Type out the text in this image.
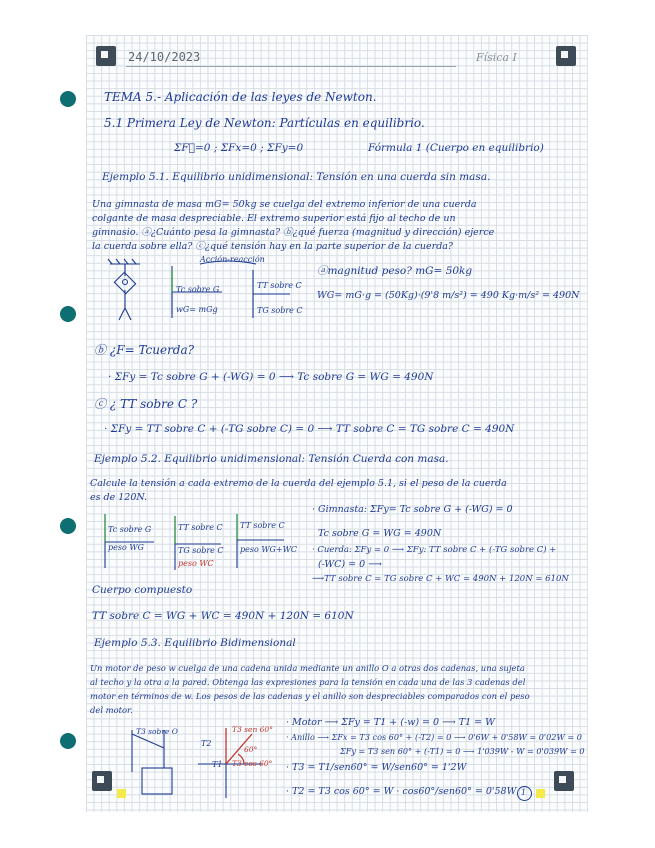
24/10/2023	Física I
TEMA 5.- Aplicación de las leyes de Newton.
5.1 Primera Ley de Newton: Partículas en equilibrio.
ΣF⃗=0 ; ΣFx=0 ; ΣFy=0	Fórmula 1 (Cuerpo en equilibrio)
Ejemplo 5.1. Equilibrio unidimensional: Tensión en una cuerda sin masa.
Una gimnasta de masa mG= 50kg se cuelga del extremo inferior de una cuerda
colgante de masa despreciable. El extremo superior está fijo al techo de un
gimnasio. ⓐ¿Cuánto pesa la gimnasta? ⓑ¿qué fuerza (magnitud y dirección) ejerce
la cuerda sobre ella? ⓒ¿qué tensión hay en la parte superior de la cuerda?
Acción-reacción
Tc sobre G
wG= mGg
TT sobre C
TG sobre C
ⓐmagnitud peso? mG= 50kg
WG= mG·g = (50Kg)·(9'8 m/s²) = 490 Kg·m/s² = 490N
ⓑ ¿F= Tcuerda?
· ΣFy = Tc sobre G + (-WG) = 0 ⟶ Tc sobre G = WG = 490N
ⓒ ¿ TT sobre C ?
· ΣFy = TT sobre C + (-TG sobre C) = 0 ⟶ TT sobre C = TG sobre C = 490N
Ejemplo 5.2. Equilibrio unidimensional: Tensión Cuerda con masa.
Calcule la tensión a cada extremo de la cuerda del ejemplo 5.1, si el peso de la cuerda
es de 120N.
Tc sobre G
peso WG
TT sobre C
TG sobre C
peso WC
TT sobre C
peso WG+WC
· Gimnasta: ΣFy= Tc sobre G + (-WG) = 0
Tc sobre G = WG = 490N
· Cuerda: ΣFy = 0 ⟶ ΣFy: TT sobre C + (-TG sobre C) +
(-WC) = 0 ⟶
⟶TT sobre C = TG sobre C + WC = 490N + 120N = 610N
Cuerpo compuesto
TT sobre C = WG + WC = 490N + 120N = 610N
Ejemplo 5.3. Equilibrio Bidimensional
Un motor de peso w cuelga de una cadena unida mediante un anillo O a otras dos cadenas, una sujeta
al techo y la otra a la pared. Obtenga las expresiones para la tensión en cada una de las 3 cadenas del
motor en términos de w. Los pesos de las cadenas y el anillo son despreciables comparados con el peso
del motor.
T3 sobre O
T2
T1
T3 sen 60°
T3 cos 60°
60°
· Motor ⟶ ΣFy = T1 + (-w) = 0 ⟶ T1 = W
· Anillo ⟶ ΣFx = T3 cos 60° + (-T2) = 0 ⟶ 0'6W + 0'58W = 0'02W = 0
ΣFy = T3 sen 60° + (-T1) = 0 ⟶ 1'039W - W = 0'039W = 0
· T3 = T1/sen60° = W/sen60° = 1'2W
· T2 = T3 cos 60° = W · cos60°/sen60° = 0'58W 1
